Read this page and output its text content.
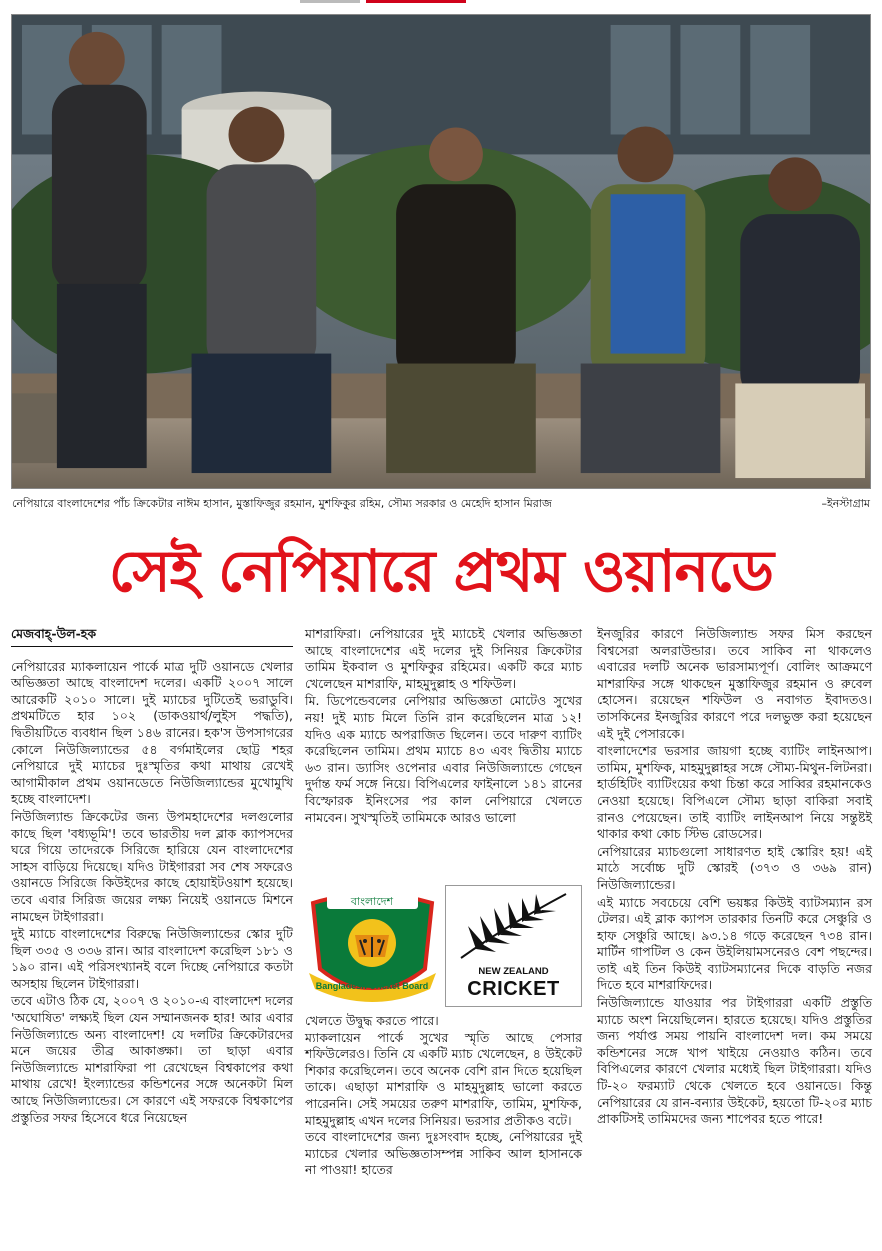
নেপিয়ারে বাংলাদেশের পাঁচ ক্রিকেটার নাঈম হাসান, মুস্তাফিজুর রহমান, মুশফিকুর রহিম, সৌম্য সরকার ও মেহেদি হাসান মিরাজ	–ইনস্টাগ্রাম
সেই নেপিয়ারে প্রথম ওয়ানডে
মেজবাহ্-উল-হক

নেপিয়ারের ম্যাকলায়েন পার্কে মাত্র দুটি ওয়ানডে খেলার অভিজ্ঞতা আছে বাংলাদেশ দলের। একটি ২০০৭ সালে আরেকটি ২০১০ সালে। দুই ম্যাচের দুটিতেই ভরাডুবি। প্রথমটিতে হার ১০২ (ডাকওয়ার্থ/লুইস পদ্ধতি), দ্বিতীয়টিতে ব্যবধান ছিল ১৪৬ রানের। হক'স উপসাগরের কোলে নিউজিল্যান্ডের ৫৪ বর্গমাইলের ছোট্ট শহর নেপিয়ারে দুই ম্যাচের দুঃস্মৃতির কথা মাথায় রেখেই আগামীকাল প্রথম ওয়ানডেতে নিউজিল্যান্ডের মুখোমুখি হচ্ছে বাংলাদেশ।

নিউজিল্যান্ড ক্রিকেটের জন্য উপমহাদেশের দলগুলোর কাছে ছিল 'বধ্যভূমি'! তবে ভারতীয় দল ব্লাক ক্যাপসদের ঘরে গিয়ে তাদেরকে সিরিজে হারিয়ে যেন বাংলাদেশের সাহস বাড়িয়ে দিয়েছে। যদিও টাইগাররা সব শেষ সফরেও ওয়ানডে সিরিজে কিউইদের কাছে হোয়াইটওয়াশ হয়েছে। তবে এবার সিরিজ জয়ের লক্ষ্য নিয়েই ওয়ানডে মিশনে নামছেন টাইগাররা।

দুই ম্যাচে বাংলাদেশের বিরুদ্ধে নিউজিল্যান্ডের স্কোর দুটি ছিল ৩৩৫ ও ৩৩৬ রান। আর বাংলাদেশ করেছিল ১৮১ ও ১৯০ রান। এই পরিসংখ্যানই বলে দিচ্ছে নেপিয়ারে কতটা অসহায় ছিলেন টাইগাররা।

তবে এটাও ঠিক যে, ২০০৭ ও ২০১০-এ বাংলাদেশ দলের 'অঘোষিত' লক্ষ্যই ছিল যেন সম্মানজনক হার! আর এবার নিউজিল্যান্ডে অন্য বাংলাদেশ! যে দলটির ক্রিকেটারদের মনে জয়ের তীব্র আকাঙ্ক্ষা। তা ছাড়া এবার নিউজিল্যান্ডে মাশরাফিরা পা রেখেছেন বিশ্বকাপের কথা মাথায় রেখে! ইংল্যান্ডের কন্ডিশনের সঙ্গে অনেকটা মিল আছে নিউজিল্যান্ডের। সে কারণে এই সফরকে বিশ্বকাপের প্রস্তুতির সফর হিসেবে ধরে নিয়েছেন

মাশরাফিরা। নেপিয়ারের দুই ম্যাচেই খেলার অভিজ্ঞতা আছে বাংলাদেশের এই দলের দুই সিনিয়র ক্রিকেটার তামিম ইকবাল ও মুশফিকুর রহিমের। একটি করে ম্যাচ খেলেছেন মাশরাফি, মাহমুদুল্লাহ ও শফিউল।

মি. ডিপেন্ডেবলের নেপিয়ার অভিজ্ঞতা মোটেও সুখের নয়! দুই ম্যাচ মিলে তিনি রান করেছিলেন মাত্র ১২! যদিও এক ম্যাচে অপরাজিত ছিলেন। তবে দারুণ ব্যাটিং করেছিলেন তামিম। প্রথম ম্যাচে ৪৩ এবং দ্বিতীয় ম্যাচে ৬৩ রান। ড্যাসিং ওপেনার এবার নিউজিল্যান্ডে গেছেন দুর্দান্ত ফর্ম সঙ্গে নিয়ে। বিপিএলের ফাইনালে ১৪১ রানের বিস্ফোরক ইনিংসের পর কাল নেপিয়ারে খেলতে নামবেন। সুখস্মৃতিই তামিমকে আরও ভালো

বাংলাদেশ
Bangladesh Cricket Board
NEW ZEALAND
CRICKET

খেলতে উদ্বুদ্ধ করতে পারে।

ম্যাকলায়েন পার্কে সুখের স্মৃতি আছে পেসার শফিউলেরও। তিনি যে একটি ম্যাচ খেলেছেন, ৪ উইকেট শিকার করেছিলেন। তবে অনেক বেশি রান দিতে হয়েছিল তাকে। এছাড়া মাশরাফি ও মাহমুদুল্লাহ ভালো করতে পারেননি। সেই সময়ের তরুণ মাশরাফি, তামিম, মুশফিক, মাহমুদুল্লাহ এখন দলের সিনিয়র। ভরসার প্রতীকও বটে।

তবে বাংলাদেশের জন্য দুঃসংবাদ হচ্ছে, নেপিয়ারের দুই ম্যাচের খেলার অভিজ্ঞতাসম্পন্ন সাকিব আল হাসানকে না পাওয়া! হাতের

ইনজুরির কারণে নিউজিল্যান্ড সফর মিস করছেন বিশ্বসেরা অলরাউন্ডার। তবে সাকিব না থাকলেও এবারের দলটি অনেক ভারসাম্যপূর্ণ। বোলিং আক্রমণে মাশরাফির সঙ্গে থাকছেন মুস্তাফিজুর রহমান ও রুবেল হোসেন। রয়েছেন শফিউল ও নবাগত ইবাদতও। তাসকিনের ইনজুরির কারণে পরে দলভুক্ত করা হয়েছেন এই দুই পেসারকে।

বাংলাদেশের ভরসার জায়গা হচ্ছে ব্যাটিং লাইনআপ। তামিম, মুশফিক, মাহমুদুল্লাহর সঙ্গে সৌম্য-মিথুন-লিটনরা। হার্ডহিটিং ব্যাটিংয়ের কথা চিন্তা করে সাব্বির রহমানকেও নেওয়া হয়েছে। বিপিএলে সৌম্য ছাড়া বাকিরা সবাই রানও পেয়েছেন। তাই ব্যাটিং লাইনআপ নিয়ে সন্তুষ্টই থাকার কথা কোচ স্টিভ রোডসের।

নেপিয়ারের ম্যাচগুলো সাধারণত হাই স্কোরিং হয়! এই মাঠে সর্বোচ্চ দুটি স্কোরই (৩৭৩ ও ৩৬৯ রান) নিউজিল্যান্ডের।

এই ম্যাচে সবচেয়ে বেশি ভয়ঙ্কর কিউই ব্যাটসম্যান রস টেলর। এই ব্লাক ক্যাপস তারকার তিনটি করে সেঞ্চুরি ও হাফ সেঞ্চুরি আছে। ৯৩.১৪ গড়ে করেছেন ৭৩৪ রান। মার্টিন গাপটিল ও কেন উইলিয়ামসনেরও বেশ পছন্দের। তাই এই তিন কিউই ব্যাটসম্যানের দিকে বাড়তি নজর দিতে হবে মাশরাফিদের।

নিউজিল্যান্ডে যাওয়ার পর টাইগাররা একটি প্রস্তুতি ম্যাচে অংশ নিয়েছিলেন। হারতে হয়েছে। যদিও প্রস্তুতির জন্য পর্যাপ্ত সময় পায়নি বাংলাদেশ দল। কম সময়ে কন্ডিশনের সঙ্গে খাপ খাইয়ে নেওয়াও কঠিন। তবে বিপিএলের কারণে খেলার মধ্যেই ছিল টাইগাররা। যদিও টি-২০ ফরম্যাট থেকে খেলতে হবে ওয়ানডে। কিন্তু নেপিয়ারের যে রান-বন্যার উইকেট, হয়তো টি-২০র ম্যাচ প্রাকটিসই তামিমদের জন্য শাপেবর হতে পারে!
